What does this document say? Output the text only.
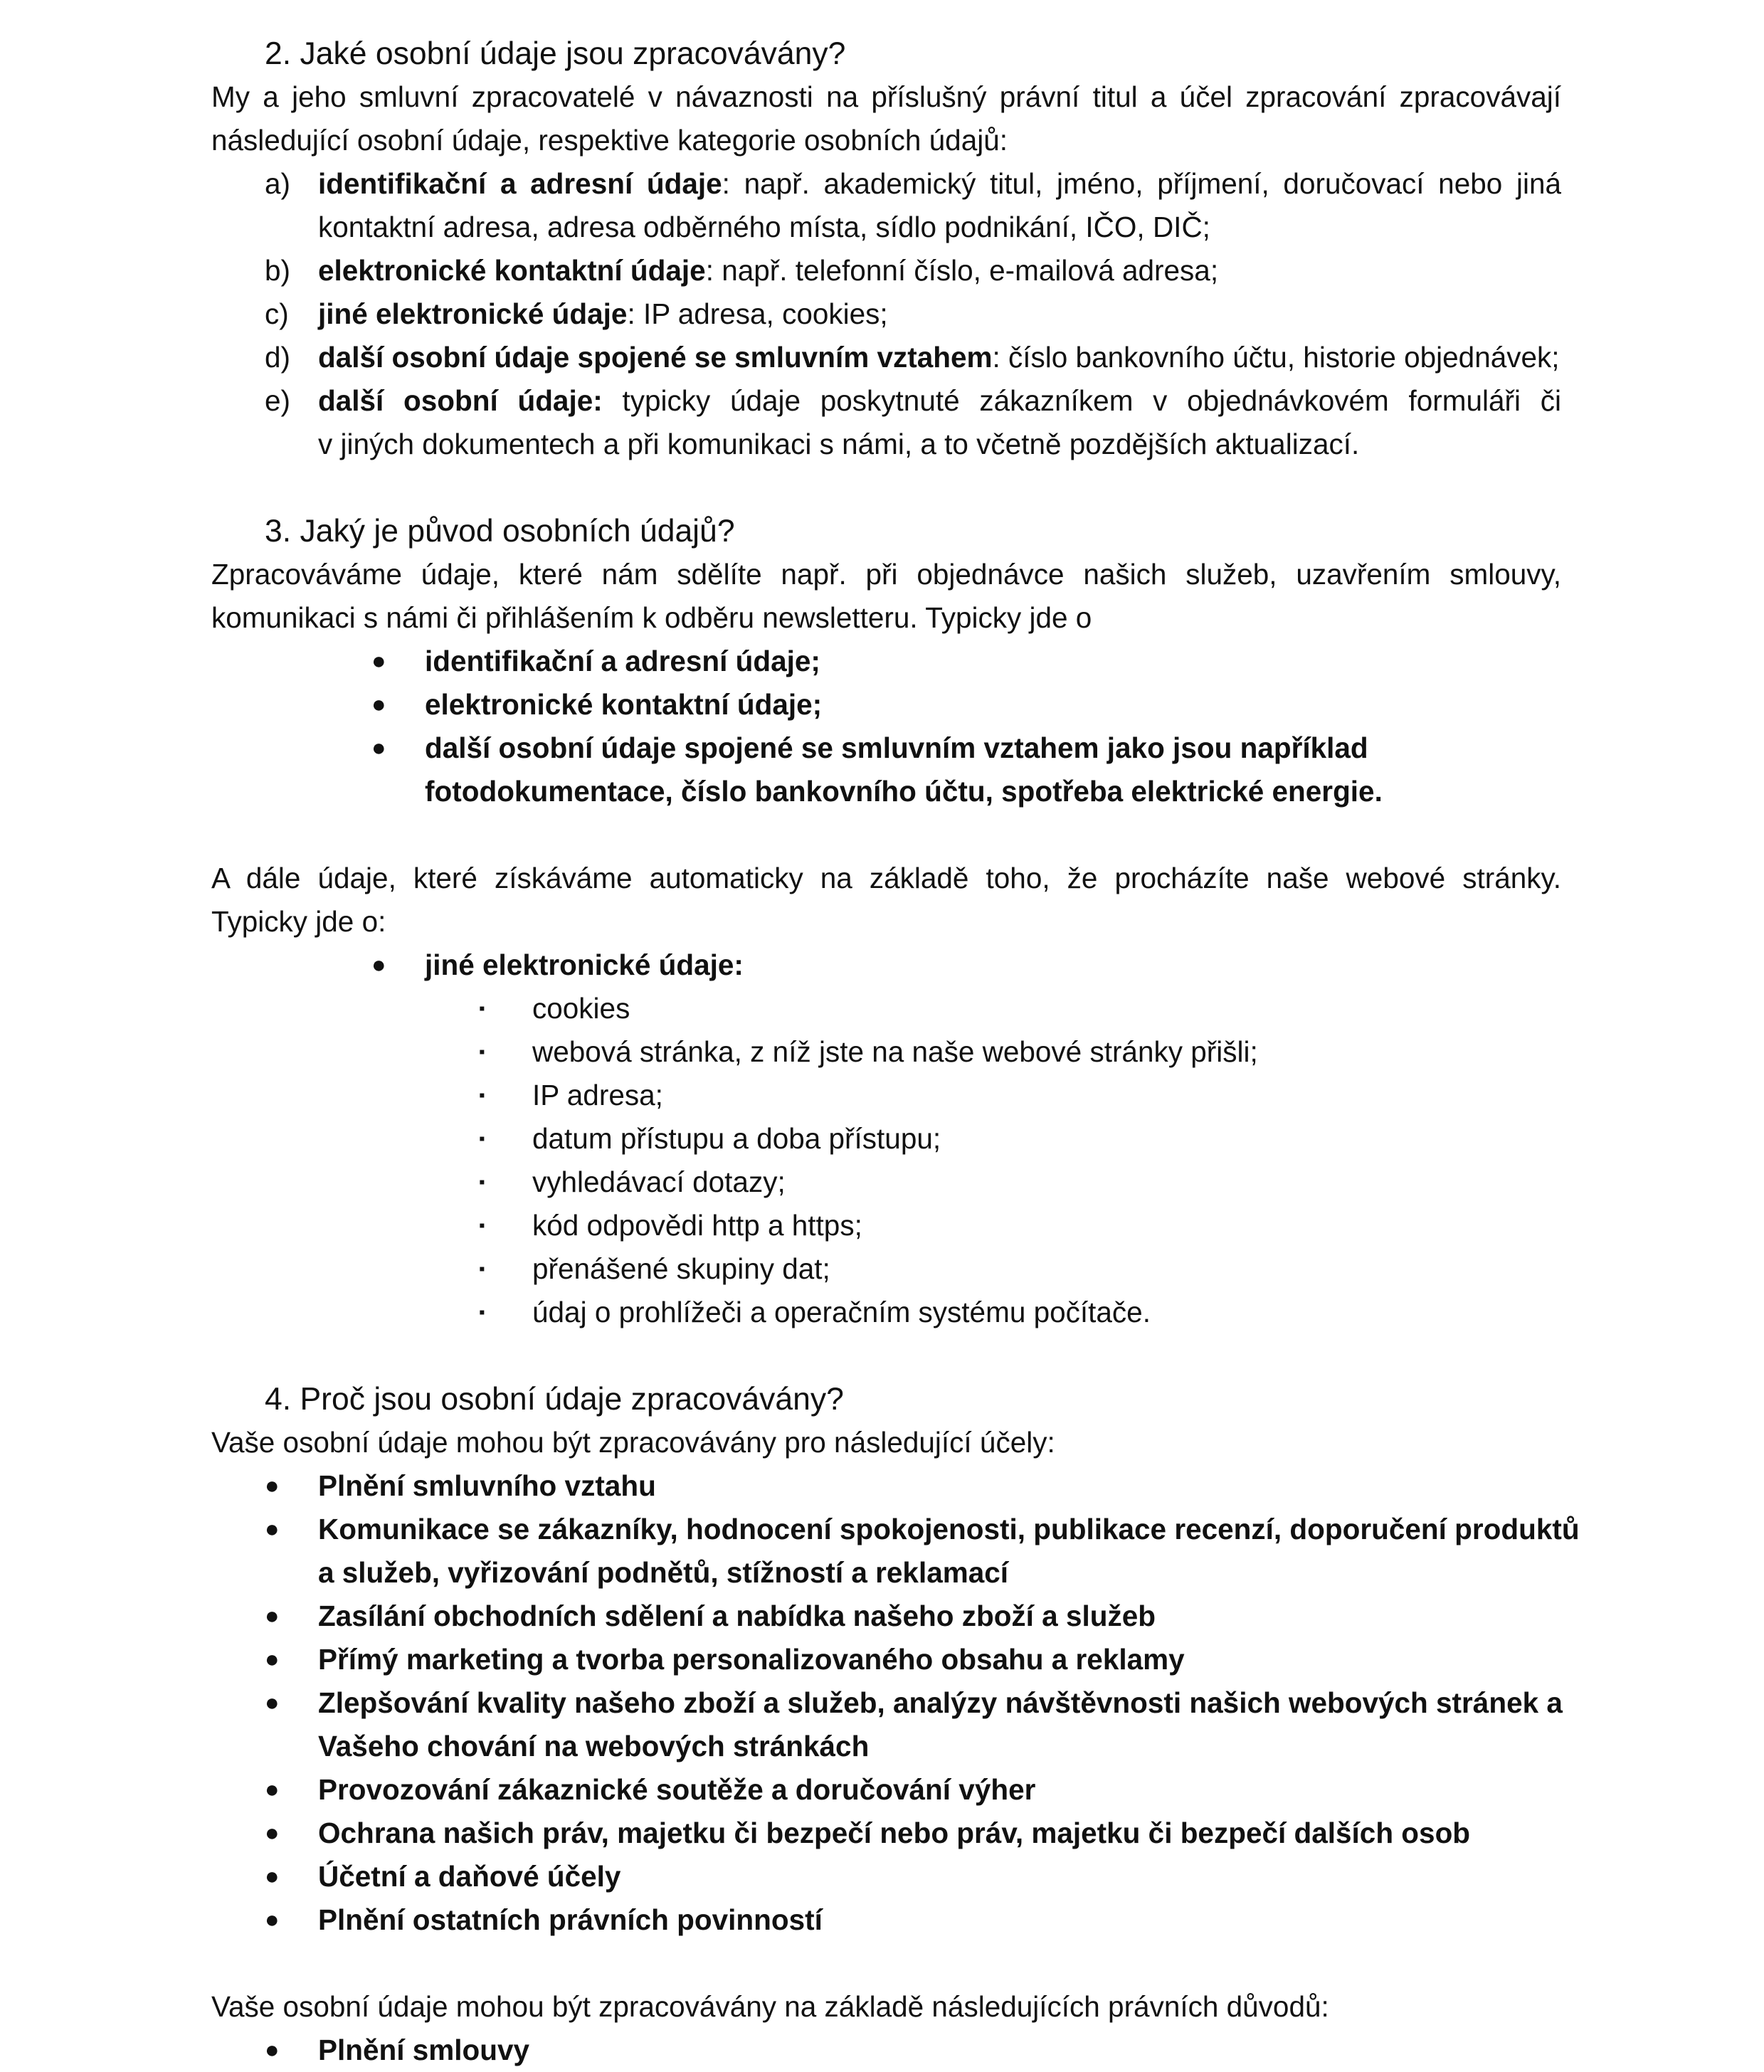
2. Jaké osobní údaje jsou zpracovávány?
My a jeho smluvní zpracovatelé v návaznosti na příslušný právní titul a účel zpracování zpracovávají
následující osobní údaje, respektive kategorie osobních údajů:
a) identifikační a adresní údaje: např. akademický titul, jméno, příjmení, doručovací nebo jiná
kontaktní adresa, adresa odběrného místa, sídlo podnikání, IČO, DIČ;
b) elektronické kontaktní údaje: např. telefonní číslo, e-mailová adresa;
c) jiné elektronické údaje: IP adresa, cookies;
d) další osobní údaje spojené se smluvním vztahem: číslo bankovního účtu, historie objednávek;
e) další osobní údaje: typicky údaje poskytnuté zákazníkem v objednávkovém formuláři či
v jiných dokumentech a při komunikaci s námi, a to včetně pozdějších aktualizací.
3. Jaký je původ osobních údajů?
Zpracováváme údaje, které nám sdělíte např. při objednávce našich služeb, uzavřením smlouvy,
komunikaci s námi či přihlášením k odběru newsletteru. Typicky jde o
● identifikační a adresní údaje;
● elektronické kontaktní údaje;
● další osobní údaje spojené se smluvním vztahem jako jsou například
fotodokumentace, číslo bankovního účtu, spotřeba elektrické energie.
A dále údaje, které získáváme automaticky na základě toho, že procházíte naše webové stránky.
Typicky jde o:
● jiné elektronické údaje:
▪ cookies
▪ webová stránka, z níž jste na naše webové stránky přišli;
▪ IP adresa;
▪ datum přístupu a doba přístupu;
▪ vyhledávací dotazy;
▪ kód odpovědi http a https;
▪ přenášené skupiny dat;
▪ údaj o prohlížeči a operačním systému počítače.
4. Proč jsou osobní údaje zpracovávány?
Vaše osobní údaje mohou být zpracovávány pro následující účely:
● Plnění smluvního vztahu
● Komunikace se zákazníky, hodnocení spokojenosti, publikace recenzí, doporučení produktů
a služeb, vyřizování podnětů, stížností a reklamací
● Zasílání obchodních sdělení a nabídka našeho zboží a služeb
● Přímý marketing a tvorba personalizovaného obsahu a reklamy
● Zlepšování kvality našeho zboží a služeb, analýzy návštěvnosti našich webových stránek a
Vašeho chování na webových stránkách
● Provozování zákaznické soutěže a doručování výher
● Ochrana našich práv, majetku či bezpečí nebo práv, majetku či bezpečí dalších osob
● Účetní a daňové účely
● Plnění ostatních právních povinností
Vaše osobní údaje mohou být zpracovávány na základě následujících právních důvodů:
● Plnění smlouvy
